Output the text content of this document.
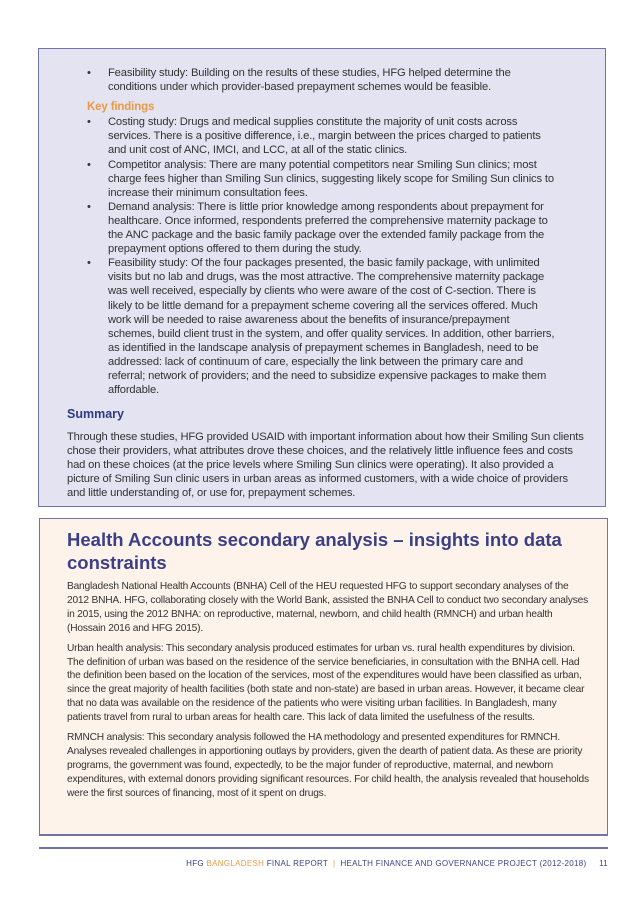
• Feasibility study: Building on the results of these studies, HFG helped determine the conditions under which provider-based prepayment schemes would be feasible.
Key findings
• Costing study: Drugs and medical supplies constitute the majority of unit costs across services. There is a positive difference, i.e., margin between the prices charged to patients and unit cost of ANC, IMCI, and LCC, at all of the static clinics.
• Competitor analysis: There are many potential competitors near Smiling Sun clinics; most charge fees higher than Smiling Sun clinics, suggesting likely scope for Smiling Sun clinics to increase their minimum consultation fees.
• Demand analysis: There is little prior knowledge among respondents about prepayment for healthcare. Once informed, respondents preferred the comprehensive maternity package to the ANC package and the basic family package over the extended family package from the prepayment options offered to them during the study.
• Feasibility study: Of the four packages presented, the basic family package, with unlimited visits but no lab and drugs, was the most attractive. The comprehensive maternity package was well received, especially by clients who were aware of the cost of C-section. There is likely to be little demand for a prepayment scheme covering all the services offered. Much work will be needed to raise awareness about the benefits of insurance/prepayment schemes, build client trust in the system, and offer quality services. In addition, other barriers, as identified in the landscape analysis of prepayment schemes in Bangladesh, need to be addressed: lack of continuum of care, especially the link between the primary care and referral; network of providers; and the need to subsidize expensive packages to make them affordable.
Summary
Through these studies, HFG provided USAID with important information about how their Smiling Sun clients chose their providers, what attributes drove these choices, and the relatively little influence fees and costs had on these choices (at the price levels where Smiling Sun clinics were operating). It also provided a picture of Smiling Sun clinic users in urban areas as informed customers, with a wide choice of providers and little understanding of, or use for, prepayment schemes.
Health Accounts secondary analysis – insights into data constraints

Bangladesh National Health Accounts (BNHA) Cell of the HEU requested HFG to support secondary analyses of the 2012 BNHA. HFG, collaborating closely with the World Bank, assisted the BNHA Cell to conduct two secondary analyses in 2015, using the 2012 BNHA: on reproductive, maternal, newborn, and child health (RMNCH) and urban health (Hossain 2016 and HFG 2015).

Urban health analysis: This secondary analysis produced estimates for urban vs. rural health expenditures by division. The definition of urban was based on the residence of the service beneficiaries, in consultation with the BNHA cell. Had the definition been based on the location of the services, most of the expenditures would have been classified as urban, since the great majority of health facilities (both state and non-state) are based in urban areas. However, it became clear that no data was available on the residence of the patients who were visiting urban facilities. In Bangladesh, many patients travel from rural to urban areas for health care. This lack of data limited the usefulness of the results.

RMNCH analysis: This secondary analysis followed the HA methodology and presented expenditures for RMNCH. Analyses revealed challenges in apportioning outlays by providers, given the dearth of patient data. As these are priority programs, the government was found, expectedly, to be the major funder of reproductive, maternal, and newborn expenditures, with external donors providing significant resources. For child health, the analysis revealed that households were the first sources of financing, most of it spent on drugs.

HFG BANGLADESH FINAL REPORT | HEALTH FINANCE AND GOVERNANCE PROJECT (2012-2018) 11
